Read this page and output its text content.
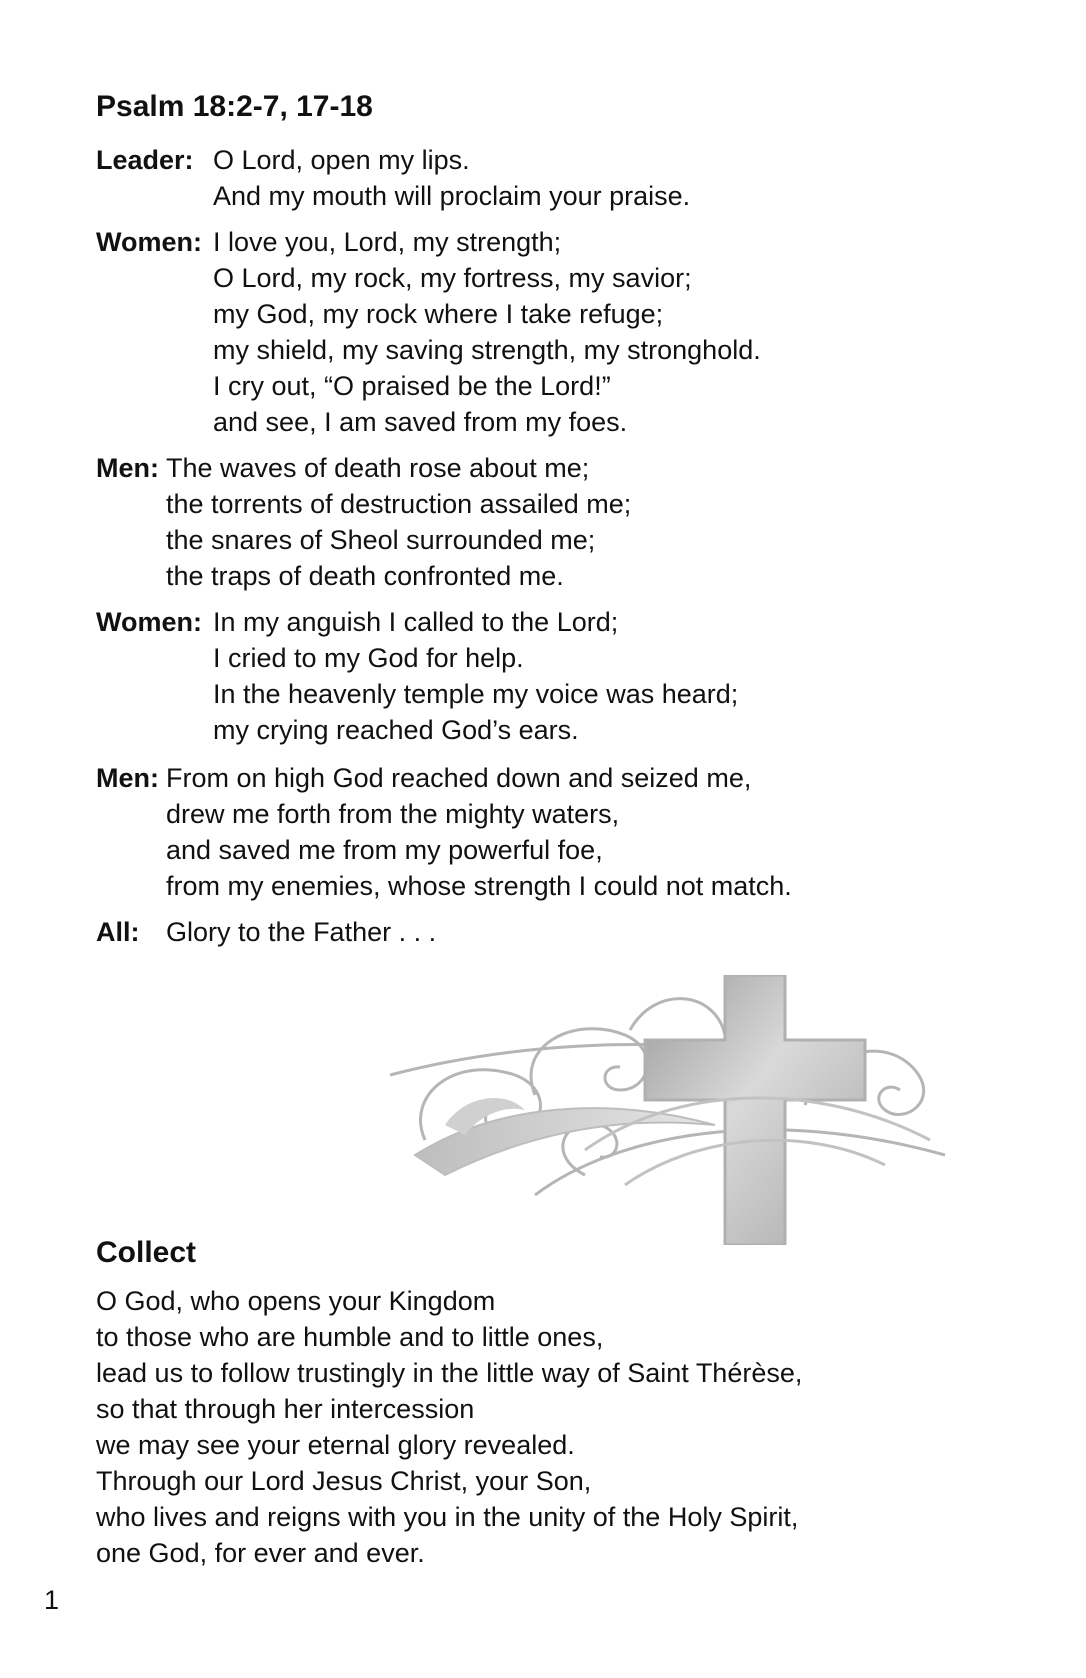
Psalm 18:2-7, 17-18
Leader: O Lord, open my lips.
And my mouth will proclaim your praise.
Women: I love you, Lord, my strength;
O Lord, my rock, my fortress, my savior;
my God, my rock where I take refuge;
my shield, my saving strength, my stronghold.
I cry out, “O praised be the Lord!”
and see, I am saved from my foes.
Men: The waves of death rose about me;
the torrents of destruction assailed me;
the snares of Sheol surrounded me;
the traps of death confronted me.
Women: In my anguish I called to the Lord;
I cried to my God for help.
In the heavenly temple my voice was heard;
my crying reached God’s ears.
Men: From on high God reached down and seized me,
drew me forth from the mighty waters,
and saved me from my powerful foe,
from my enemies, whose strength I could not match.
All: Glory to the Father . . .
Collect
O God, who opens your Kingdom
to those who are humble and to little ones,
lead us to follow trustingly in the little way of Saint Thérèse,
so that through her intercession
we may see your eternal glory revealed.
Through our Lord Jesus Christ, your Son,
who lives and reigns with you in the unity of the Holy Spirit,
one God, for ever and ever.
1
